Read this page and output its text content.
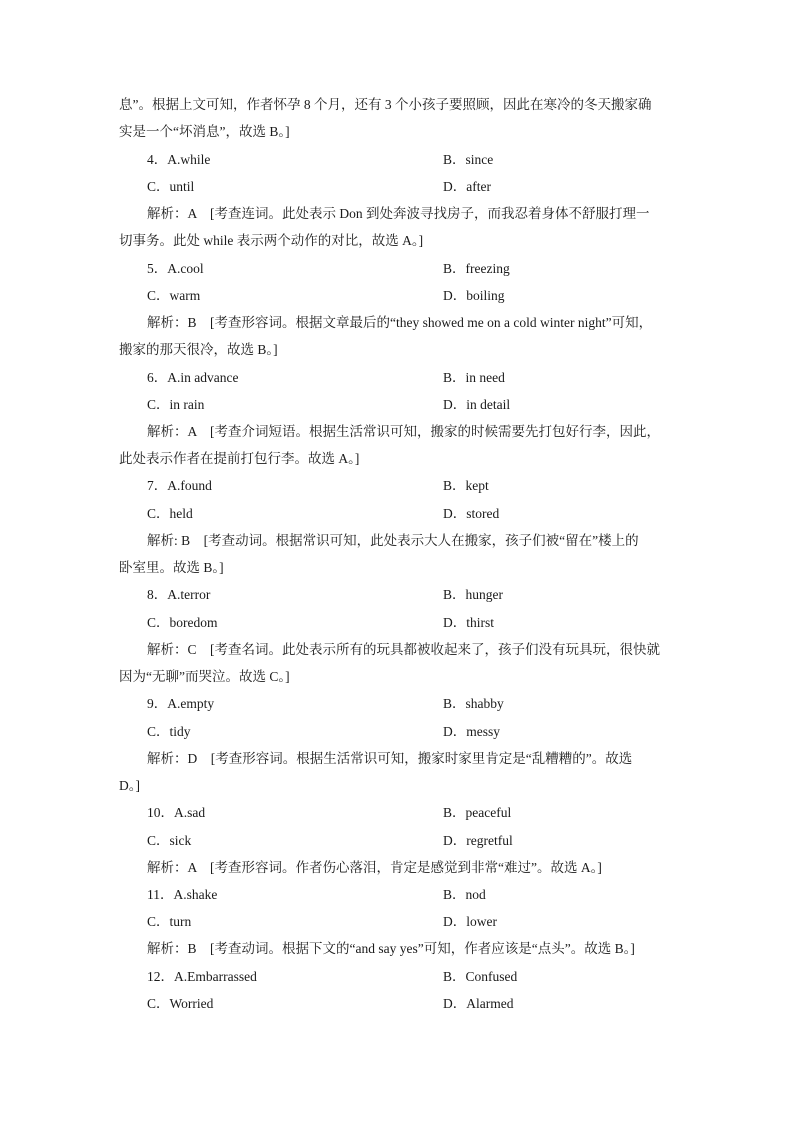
息”。根据上文可知，作者怀孕 8 个月，还有 3 个小孩子要照顾，因此在寒冷的冬天搬家确
实是一个“坏消息”，故选 B。]
4．A.while	B．since
C．until	D．after
解析：A　[考查连词。此处表示 Don 到处奔波寻找房子，而我忍着身体不舒服打理一
切事务。此处 while 表示两个动作的对比，故选 A。]
5．A.cool	B．freezing
C．warm	D．boiling
解析：B　[考查形容词。根据文章最后的“they showed me on a cold winter night”可知，
搬家的那天很冷，故选 B。]
6．A.in advance	B．in need
C．in rain	D．in detail
解析：A　[考查介词短语。根据生活常识可知，搬家的时候需要先打包好行李，因此，
此处表示作者在提前打包行李。故选 A。]
7．A.found	B．kept
C．held	D．stored
解析: B　[考查动词。根据常识可知，此处表示大人在搬家，孩子们被“留在”楼上的
卧室里。故选 B。]
8．A.terror	B．hunger
C．boredom	D．thirst
解析：C　[考查名词。此处表示所有的玩具都被收起来了，孩子们没有玩具玩，很快就
因为“无聊”而哭泣。故选 C。]
9．A.empty	B．shabby
C．tidy	D．messy
解析：D　[考查形容词。根据生活常识可知，搬家时家里肯定是“乱糟糟的”。故选
D。]
10．A.sad	B．peaceful
C．sick	D．regretful
解析：A　[考查形容词。作者伤心落泪，肯定是感觉到非常“难过”。故选 A。]
11．A.shake	B．nod
C．turn	D．lower
解析：B　[考查动词。根据下文的“and say yes”可知，作者应该是“点头”。故选 B。]
12．A.Embarrassed	B．Confused
C．Worried	D．Alarmed
